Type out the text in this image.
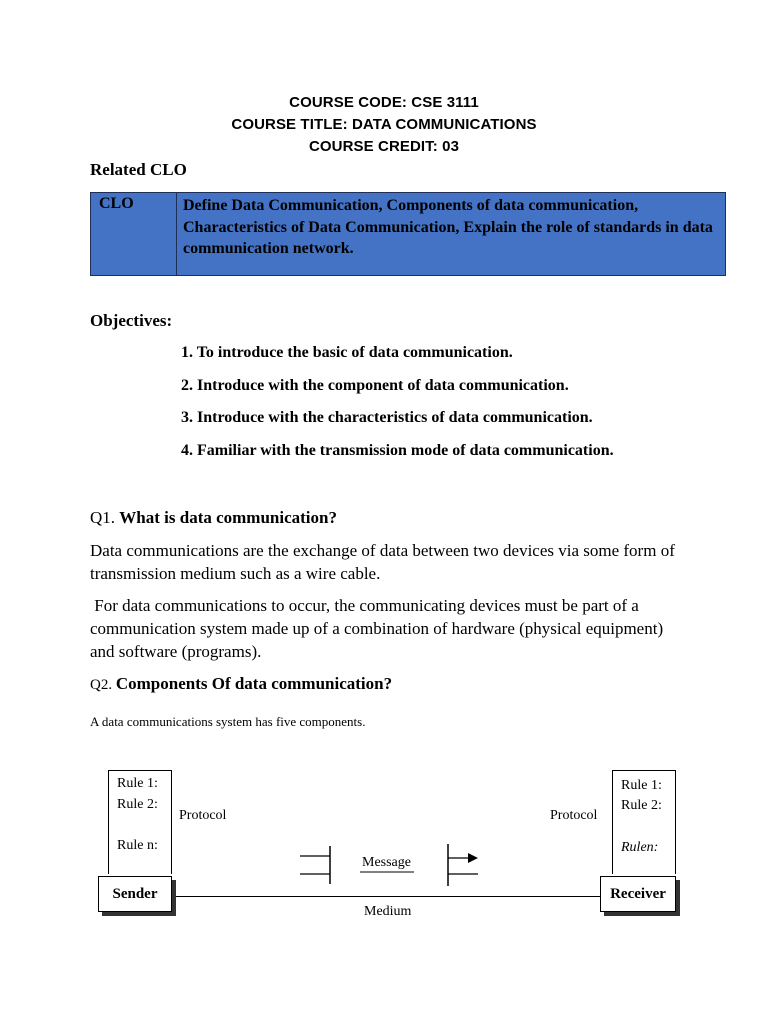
COURSE CODE: CSE 3111
COURSE TITLE: DATA COMMUNICATIONS
COURSE CREDIT: 03
Related CLO
CLO	Define Data Communication, Components of data communication, Characteristics of Data Communication, Explain the role of standards in data communication network.
Objectives:
1. To introduce the basic of data communication.
2. Introduce with the component of data communication.
3. Introduce with the characteristics of data communication.
4. Familiar with the transmission mode of data communication.
Q1. What is data communication?
Data communications are the exchange of data between two devices via some form of transmission medium such as a wire cable.
For data communications to occur, the communicating devices must be part of a communication system made up of a combination of hardware (physical equipment) and software (programs).
Q2. Components Of data communication?
A data communications system has five components.
Rule 1:
Rule 2:
Rule n:
Protocol
Rule 1:
Rule 2:
Rulen:
Protocol
Message
Medium
Sender	Receiver
